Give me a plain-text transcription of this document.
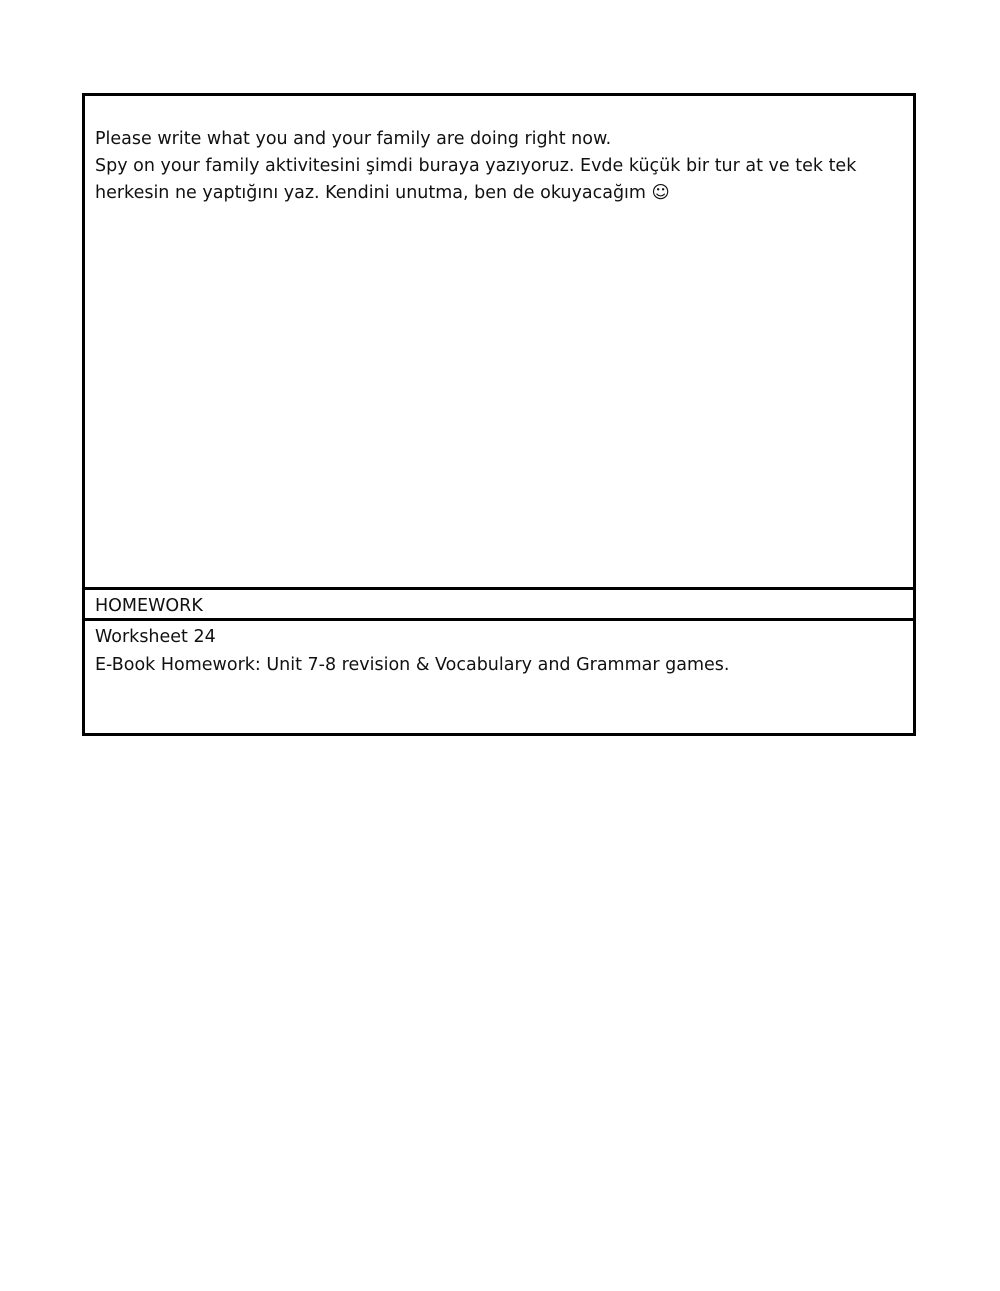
Please write what you and your family are doing right now.

Spy on your family aktivitesini şimdi buraya yazıyoruz. Evde küçük bir tur at ve tek tek herkesin ne yaptığını yaz. Kendini unutma, ben de okuyacağım ☺

HOMEWORK

Worksheet 24

E-Book Homework: Unit 7-8 revision & Vocabulary and Grammar games.
